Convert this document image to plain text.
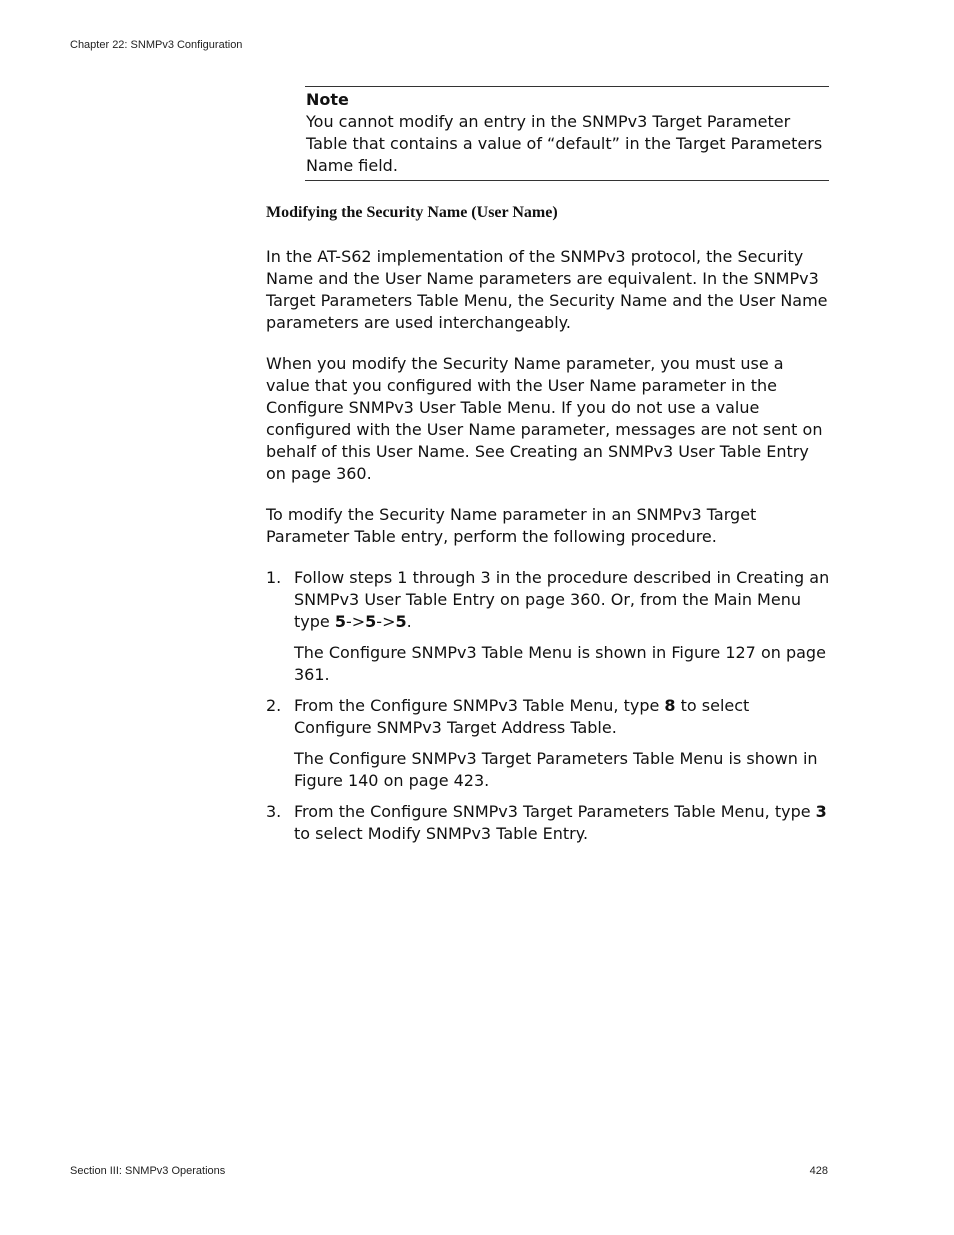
Chapter 22: SNMPv3 Configuration
Note

You cannot modify an entry in the SNMPv3 Target Parameter Table that contains a value of “default” in the Target Parameters Name field.

Modifying the Security Name (User Name)

In the AT-S62 implementation of the SNMPv3 protocol, the Security Name and the User Name parameters are equivalent. In the SNMPv3 Target Parameters Table Menu, the Security Name and the User Name parameters are used interchangeably.

When you modify the Security Name parameter, you must use a value that you configured with the User Name parameter in the Configure SNMPv3 User Table Menu. If you do not use a value configured with the User Name parameter, messages are not sent on behalf of this User Name. See Creating an SNMPv3 User Table Entry on page 360.

To modify the Security Name parameter in an SNMPv3 Target Parameter Table entry, perform the following procedure.

1. Follow steps 1 through 3 in the procedure described in Creating an SNMPv3 User Table Entry on page 360. Or, from the Main Menu type 5->5->5.

The Configure SNMPv3 Table Menu is shown in Figure 127 on page 361.

2. From the Configure SNMPv3 Table Menu, type 8 to select Configure SNMPv3 Target Address Table.

The Configure SNMPv3 Target Parameters Table Menu is shown in Figure 140 on page 423.

3. From the Configure SNMPv3 Target Parameters Table Menu, type 3 to select Modify SNMPv3 Table Entry.
Section III: SNMPv3 Operations	428
